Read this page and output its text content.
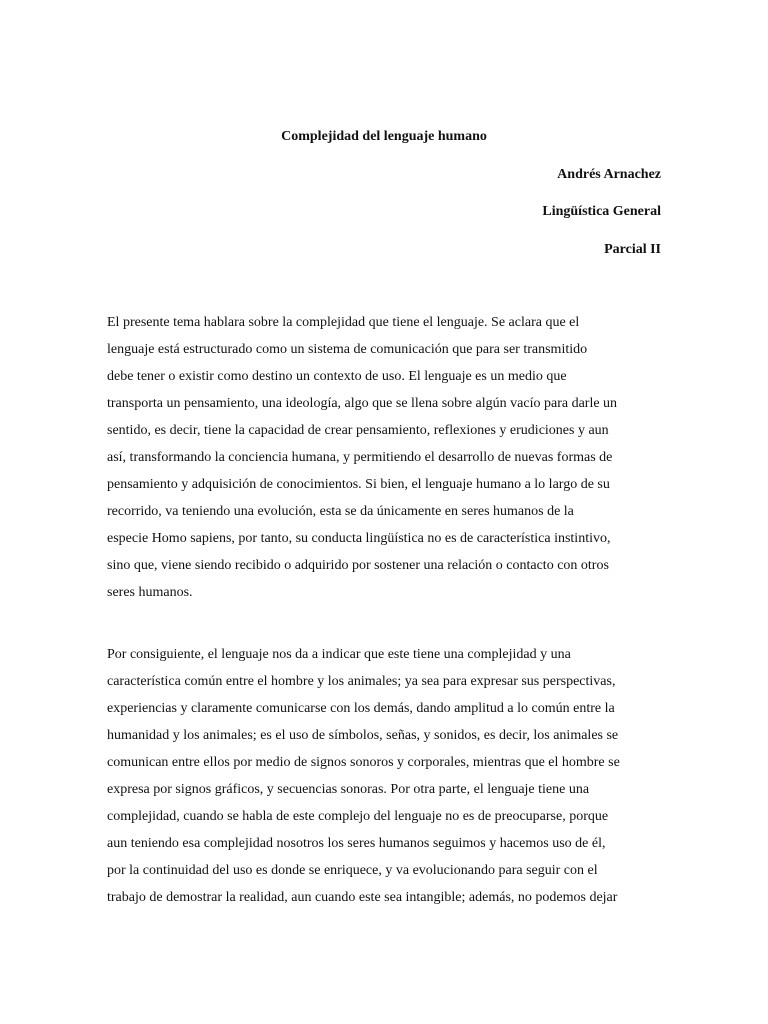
Complejidad del lenguaje humano
Andrés Arnachez
Lingüística General
Parcial II
El presente tema hablara sobre la complejidad que tiene el lenguaje. Se aclara que el
lenguaje está estructurado como un sistema de comunicación que para ser transmitido
debe tener o existir como destino un contexto de uso. El lenguaje es un medio que
transporta un pensamiento, una ideología, algo que se llena sobre algún vacío para darle un
sentido, es decir, tiene la capacidad de crear pensamiento, reflexiones y erudiciones y aun
así, transformando la conciencia humana, y permitiendo el desarrollo de nuevas formas de
pensamiento y adquisición de conocimientos. Si bien, el lenguaje humano a lo largo de su
recorrido, va teniendo una evolución, esta se da únicamente en seres humanos de la
especie Homo sapiens, por tanto, su conducta lingüística no es de característica instintivo,
sino que, viene siendo recibido o adquirido por sostener una relación o contacto con otros
seres humanos.
Por consiguiente, el lenguaje nos da a indicar que este tiene una complejidad y una
característica común entre el hombre y los animales; ya sea para expresar sus perspectivas,
experiencias y claramente comunicarse con los demás, dando amplitud a lo común entre la
humanidad y los animales; es el uso de símbolos, señas, y sonidos, es decir, los animales se
comunican entre ellos por medio de signos sonoros y corporales, mientras que el hombre se
expresa por signos gráficos, y secuencias sonoras. Por otra parte, el lenguaje tiene una
complejidad, cuando se habla de este complejo del lenguaje no es de preocuparse, porque
aun teniendo esa complejidad nosotros los seres humanos seguimos y hacemos uso de él,
por la continuidad del uso es donde se enriquece, y va evolucionando para seguir con el
trabajo de demostrar la realidad, aun cuando este sea intangible; además, no podemos dejar
